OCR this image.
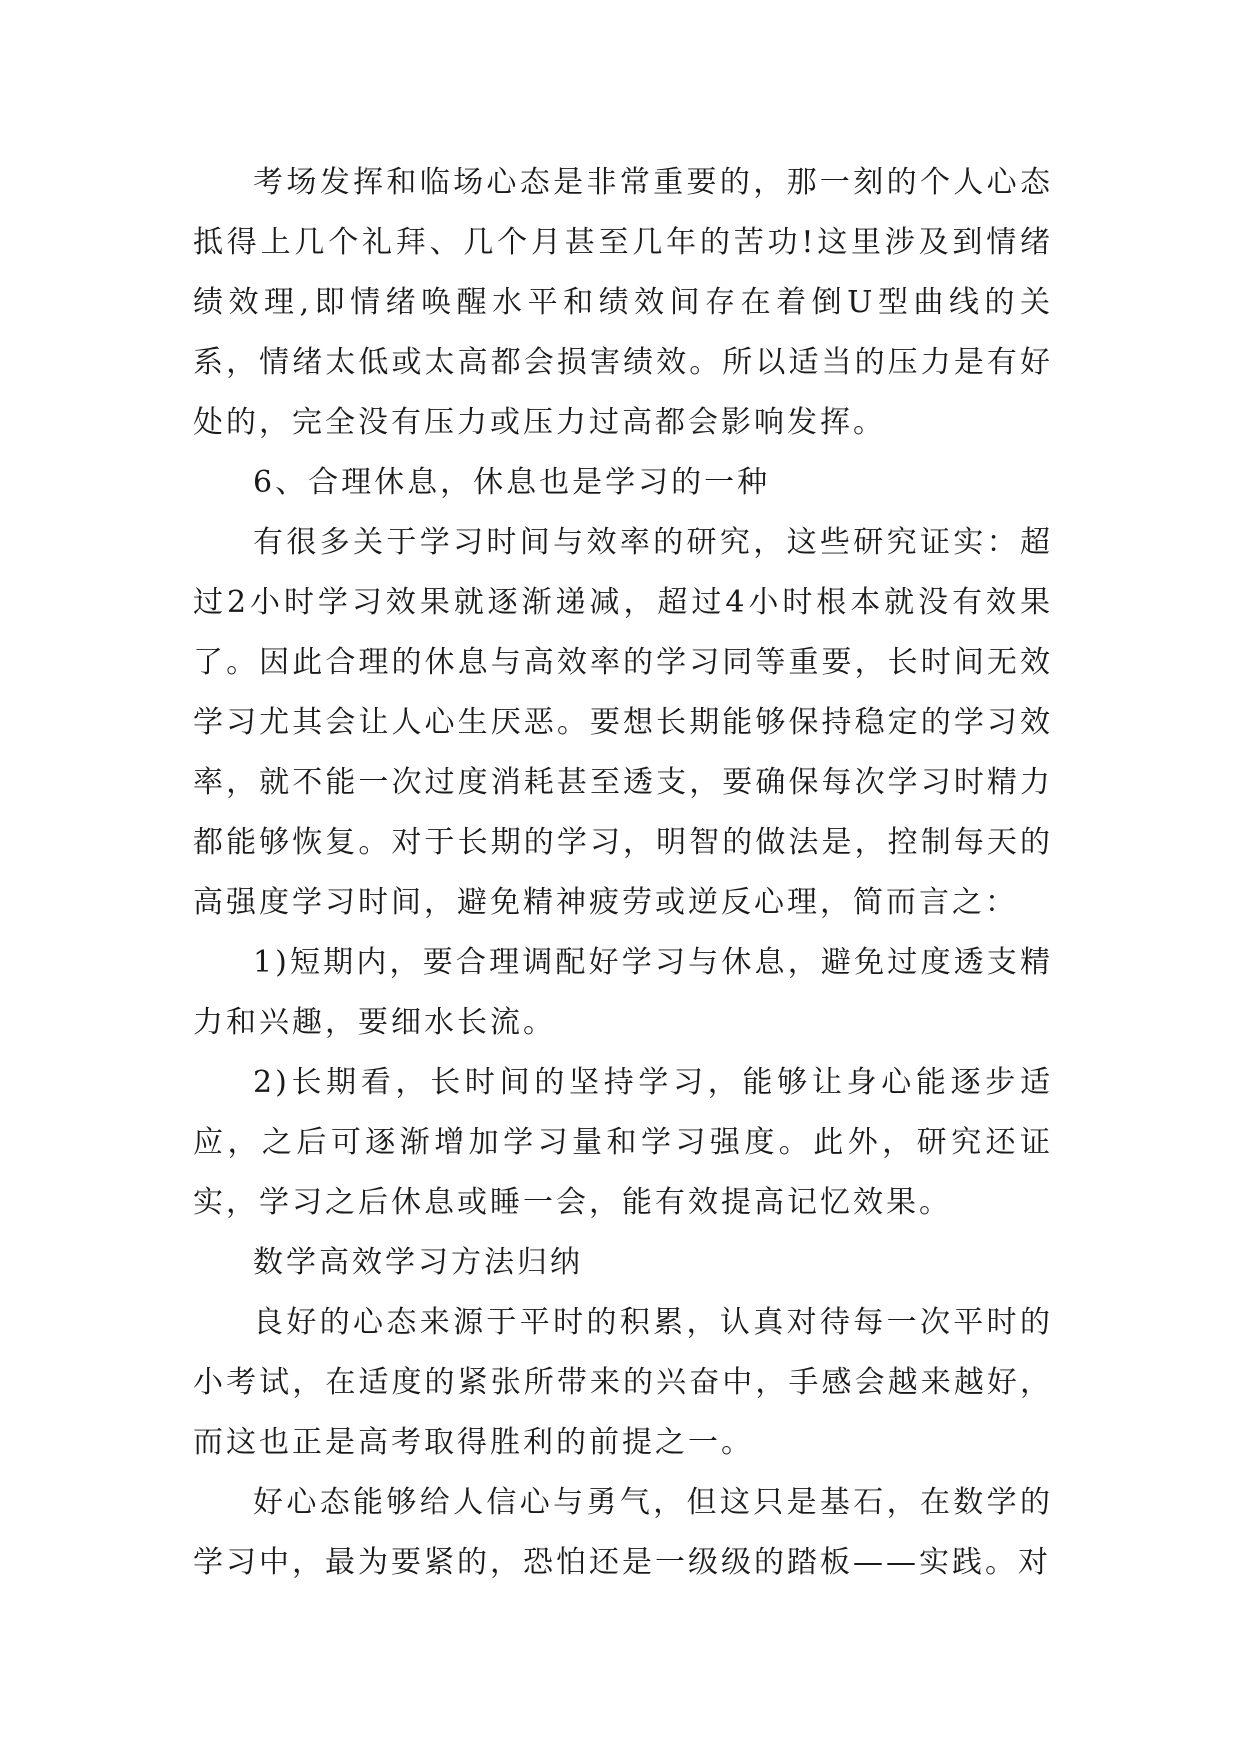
考场发挥和临场心态是非常重要的，那一刻的个人心态抵得上几个礼拜、几个月甚至几年的苦功!这里涉及到情绪绩效理,即情绪唤醒水平和绩效间存在着倒U型曲线的关系，情绪太低或太高都会损害绩效。所以适当的压力是有好处的，完全没有压力或压力过高都会影响发挥。

6、合理休息，休息也是学习的一种

有很多关于学习时间与效率的研究，这些研究证实：超过2小时学习效果就逐渐递减，超过4小时根本就没有效果了。因此合理的休息与高效率的学习同等重要，长时间无效学习尤其会让人心生厌恶。要想长期能够保持稳定的学习效率，就不能一次过度消耗甚至透支，要确保每次学习时精力都能够恢复。对于长期的学习，明智的做法是，控制每天的高强度学习时间，避免精神疲劳或逆反心理，简而言之：

1)短期内，要合理调配好学习与休息，避免过度透支精力和兴趣，要细水长流。

2)长期看，长时间的坚持学习，能够让身心能逐步适应，之后可逐渐增加学习量和学习强度。此外，研究还证实，学习之后休息或睡一会，能有效提高记忆效果。

数学高效学习方法归纳

良好的心态来源于平时的积累，认真对待每一次平时的小考试，在适度的紧张所带来的兴奋中，手感会越来越好，而这也正是高考取得胜利的前提之一。

好心态能够给人信心与勇气，但这只是基石，在数学的学习中，最为要紧的，恐怕还是一级级的踏板——实践。对
